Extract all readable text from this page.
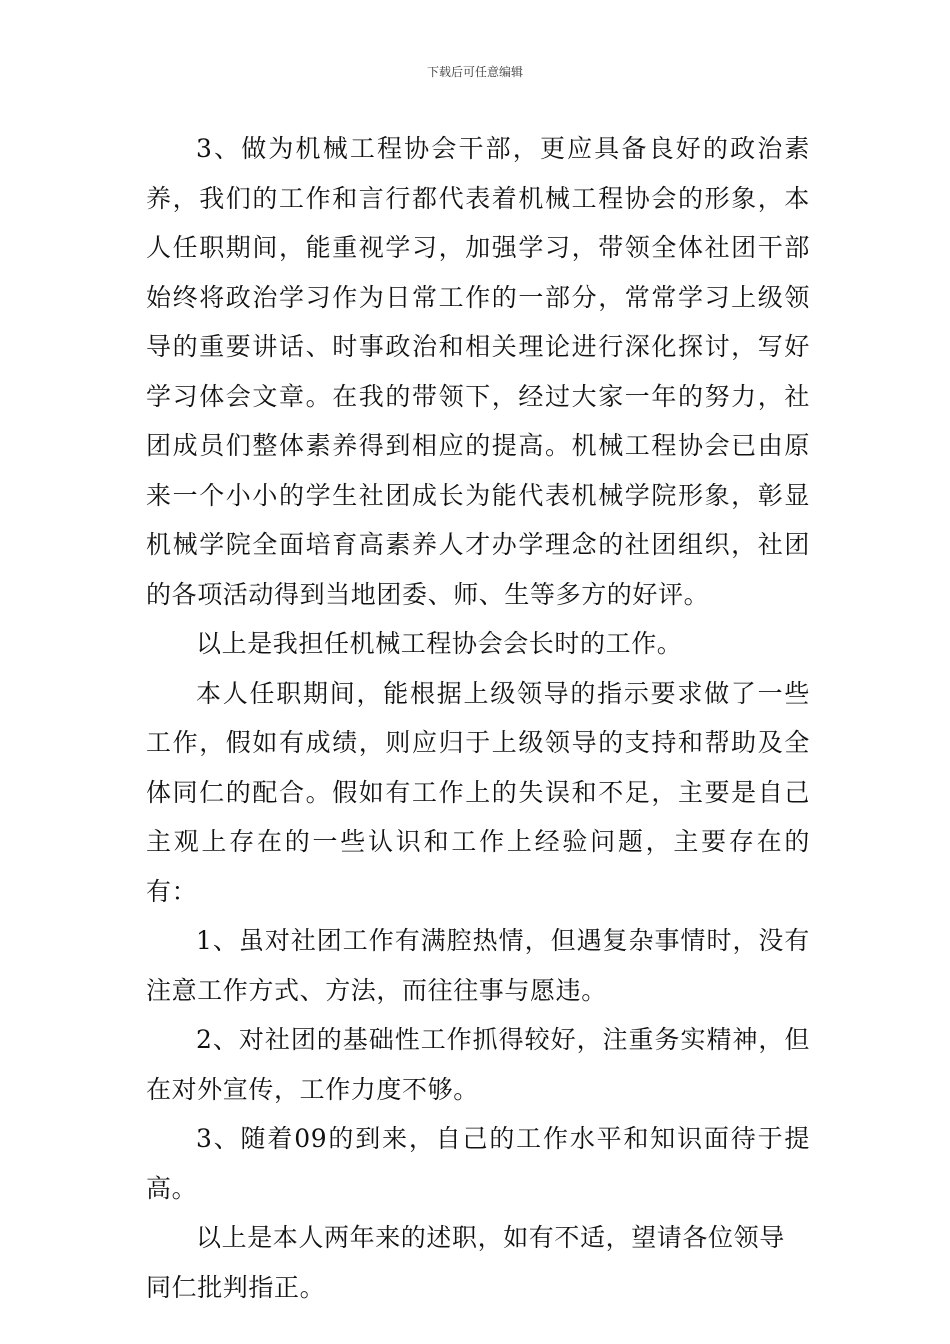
下载后可任意编辑

3、做为机械工程协会干部，更应具备良好的政治素养，我们的工作和言行都代表着机械工程协会的形象，本人任职期间，能重视学习，加强学习，带领全体社团干部始终将政治学习作为日常工作的一部分，常常学习上级领导的重要讲话、时事政治和相关理论进行深化探讨，写好学习体会文章。在我的带领下，经过大家一年的努力，社团成员们整体素养得到相应的提高。机械工程协会已由原来一个小小的学生社团成长为能代表机械学院形象，彰显机械学院全面培育高素养人才办学理念的社团组织，社团的各项活动得到当地团委、师、生等多方的好评。

以上是我担任机械工程协会会长时的工作。

本人任职期间，能根据上级领导的指示要求做了一些工作，假如有成绩，则应归于上级领导的支持和帮助及全体同仁的配合。假如有工作上的失误和不足，主要是自己主观上存在的一些认识和工作上经验问题，主要存在的有：

1、虽对社团工作有满腔热情，但遇复杂事情时，没有注意工作方式、方法，而往往事与愿违。

2、对社团的基础性工作抓得较好，注重务实精神，但在对外宣传，工作力度不够。

3、随着09的到来，自己的工作水平和知识面待于提高。

以上是本人两年来的述职，如有不适，望请各位领导同仁批判指正。
